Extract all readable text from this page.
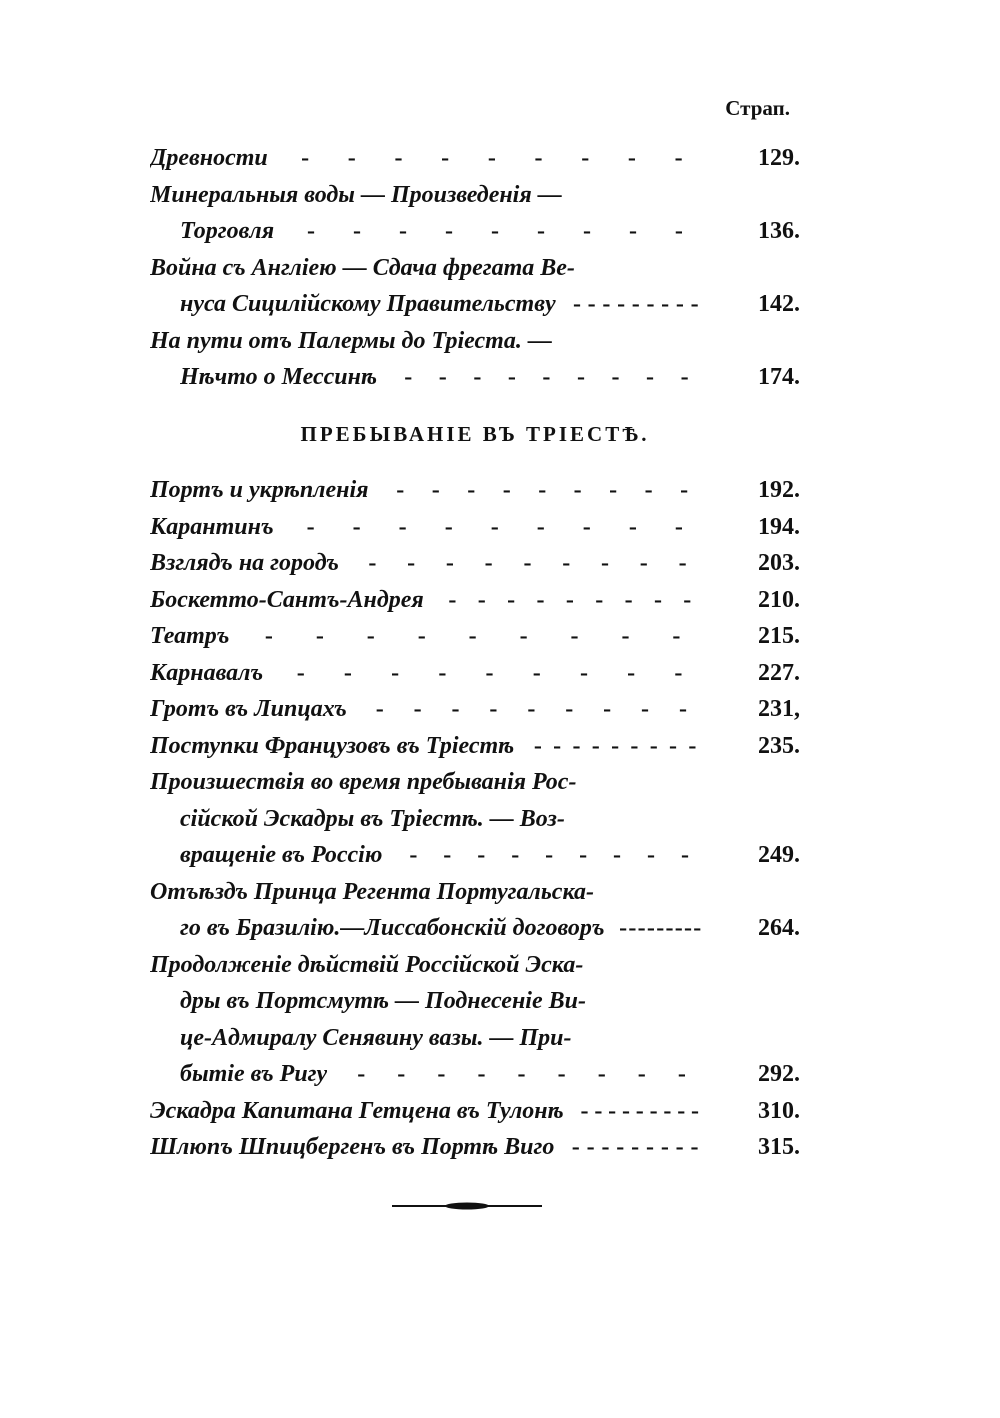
Страп.
Древности - - - - - - - - -	129.
Минеральныя воды — Произведенія —
Торговля - - - - - - - - -	136.
Война съ Англіею — Сдача фрегата Ве-
нуса Сицилійскому Правительству - - - - - - - - -	142.
На пути отъ Палермы до Тріеста. —
Нѣчто о Мессинѣ - - - - - - - - -	174.
ПРЕБЫВАНІЕ ВЪ ТРІЕСТѢ.
Портъ и укрѣпленія - - - - - - - - -	192.
Карантинъ - - - - - - - - -	194.
Взглядъ на городъ - - - - - - - - -	203.
Боскетто-Сантъ-Андрея - - - - - - - - -	210.
Театръ - - - - - - - - -	215.
Карнавалъ - - - - - - - - -	227.
Гротъ въ Липцахъ - - - - - - - - -	231,
Поступки Французовъ въ Тріестѣ - - - - - - - - -	235.
Произшествія во время пребыванія Рос-
сійской Эскадры въ Тріестѣ. — Воз-
вращеніе въ Россію - - - - - - - - -	249.
Отъѣздъ Принца Регента Португальска-
го въ Бразилію.—Лиссабонскій договоръ - - - - - - - - -	264.
Продолженіе дѣйствій Россійской Эска-
дры въ Портсмутѣ — Поднесеніе Ви-
це-Адмиралу Сенявину вазы. — При-
бытіе въ Ригу - - - - - - - - -	292.
Эскадра Капитана Гетцена въ Тулонѣ - - - - - - - - -	310.
Шлюпъ Шпицбергенъ въ Портѣ Виго - - - - - - - - -	315.
